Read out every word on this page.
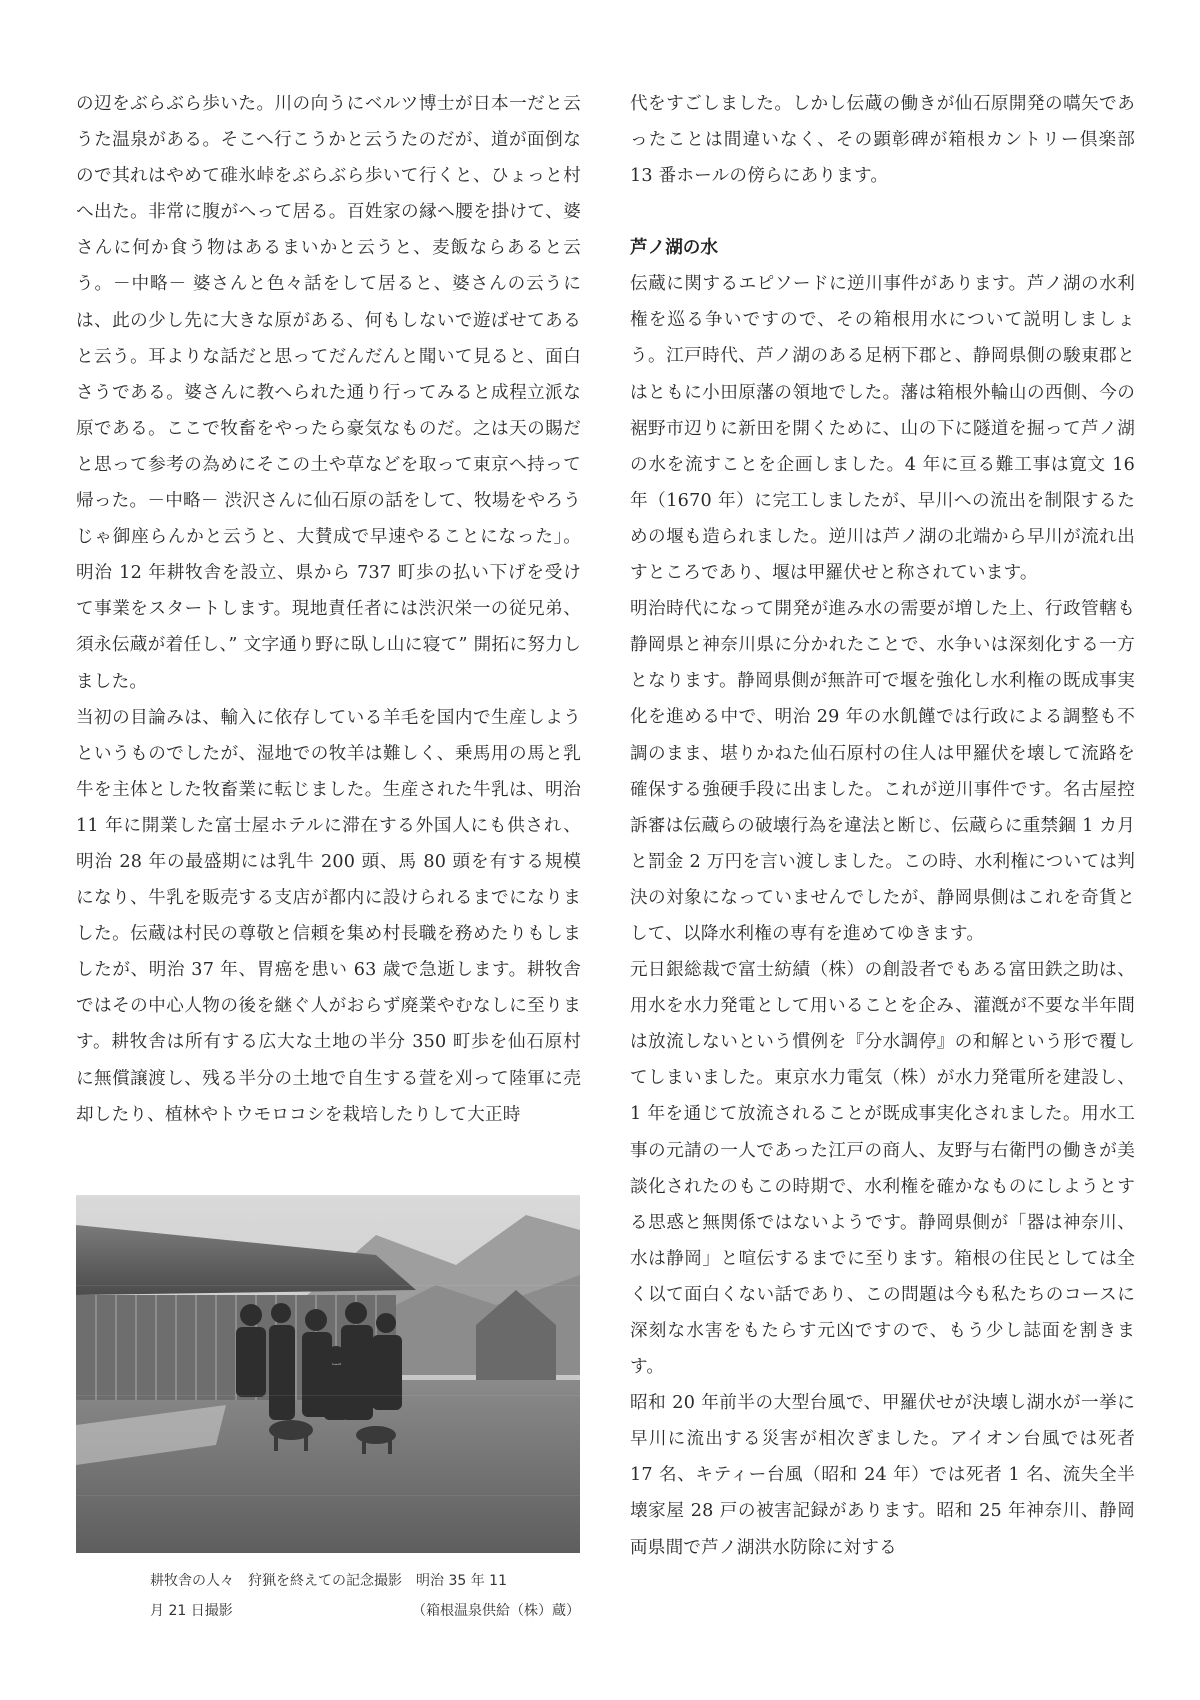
の辺をぶらぶら歩いた。川の向うにベルツ博士が日本一だと云うた温泉がある。そこへ行こうかと云うたのだが、道が面倒なので其れはやめて碓氷峠をぶらぶら歩いて行くと、ひょっと村へ出た。非常に腹がへって居る。百姓家の縁へ腰を掛けて、婆さんに何か食う物はあるまいかと云うと、麦飯ならあると云う。－中略－ 婆さんと色々話をして居ると、婆さんの云うには、此の少し先に大きな原がある、何もしないで遊ばせてあると云う。耳よりな話だと思ってだんだんと聞いて見ると、面白さうである。婆さんに教へられた通り行ってみると成程立派な原である。ここで牧畜をやったら豪気なものだ。之は天の賜だと思って参考の為めにそこの土や草などを取って東京へ持って帰った。－中略－ 渋沢さんに仙石原の話をして、牧場をやろうじゃ御座らんかと云うと、大賛成で早速やることになった」。 明治 12 年耕牧舎を設立、県から 737 町歩の払い下げを受けて事業をスタートします。現地責任者には渋沢栄一の従兄弟、須永伝蔵が着任し、” 文字通り野に臥し山に寝て” 開拓に努力しました。

当初の目論みは、輸入に依存している羊毛を国内で生産しようというものでしたが、湿地での牧羊は難しく、乗馬用の馬と乳牛を主体とした牧畜業に転じました。生産された牛乳は、明治 11 年に開業した富士屋ホテルに滞在する外国人にも供され、明治 28 年の最盛期には乳牛 200 頭、馬 80 頭を有する規模になり、牛乳を販売する支店が都内に設けられるまでになりました。伝蔵は村民の尊敬と信頼を集め村長職を務めたりもしましたが、明治 37 年、胃癌を患い 63 歳で急逝します。耕牧舎ではその中心人物の後を継ぐ人がおらず廃業やむなしに至ります。耕牧舎は所有する広大な土地の半分 350 町歩を仙石原村に無償譲渡し、残る半分の土地で自生する萱を刈って陸軍に売却したり、植林やトウモロコシを栽培したりして大正時

耕牧舎の人々　狩猟を終えての記念撮影　明治 35 年 11
月 21 日撮影	（箱根温泉供給（株）蔵）

代をすごしました。しかし伝蔵の働きが仙石原開発の嚆矢であったことは間違いなく、その顕彰碑が箱根カントリー倶楽部 13 番ホールの傍らにあります。

芦ノ湖の水

伝蔵に関するエピソードに逆川事件があります。芦ノ湖の水利権を巡る争いですので、その箱根用水について説明しましょう。江戸時代、芦ノ湖のある足柄下郡と、静岡県側の駿東郡とはともに小田原藩の領地でした。藩は箱根外輪山の西側、今の裾野市辺りに新田を開くために、山の下に隧道を掘って芦ノ湖の水を流すことを企画しました。4 年に亘る難工事は寛文 16 年（1670 年）に完工しましたが、早川への流出を制限するための堰も造られました。逆川は芦ノ湖の北端から早川が流れ出すところであり、堰は甲羅伏せと称されています。

明治時代になって開発が進み水の需要が増した上、行政管轄も静岡県と神奈川県に分かれたことで、水争いは深刻化する一方となります。静岡県側が無許可で堰を強化し水利権の既成事実化を進める中で、明治 29 年の水飢饉では行政による調整も不調のまま、堪りかねた仙石原村の住人は甲羅伏を壊して流路を確保する強硬手段に出ました。これが逆川事件です。名古屋控訴審は伝蔵らの破壊行為を違法と断じ、伝蔵らに重禁錮 1 カ月と罰金 2 万円を言い渡しました。この時、水利権については判決の対象になっていませんでしたが、静岡県側はこれを奇貨として、以降水利権の専有を進めてゆきます。

元日銀総裁で富士紡績（株）の創設者でもある富田鉄之助は、用水を水力発電として用いることを企み、灌漑が不要な半年間は放流しないという慣例を『分水調停』の和解という形で覆してしまいました。東京水力電気（株）が水力発電所を建設し、1 年を通じて放流されることが既成事実化されました。用水工事の元請の一人であった江戸の商人、友野与右衛門の働きが美談化されたのもこの時期で、水利権を確かなものにしようとする思惑と無関係ではないようです。静岡県側が「器は神奈川、水は静岡」と喧伝するまでに至ります。箱根の住民としては全く以て面白くない話であり、この問題は今も私たちのコースに深刻な水害をもたらす元凶ですので、もう少し誌面を割きます。

昭和 20 年前半の大型台風で、甲羅伏せが決壊し湖水が一挙に早川に流出する災害が相次ぎました。アイオン台風では死者 17 名、キティー台風（昭和 24 年）では死者 1 名、流失全半壊家屋 28 戸の被害記録があります。昭和 25 年神奈川、静岡両県間で芦ノ湖洪水防除に対する
